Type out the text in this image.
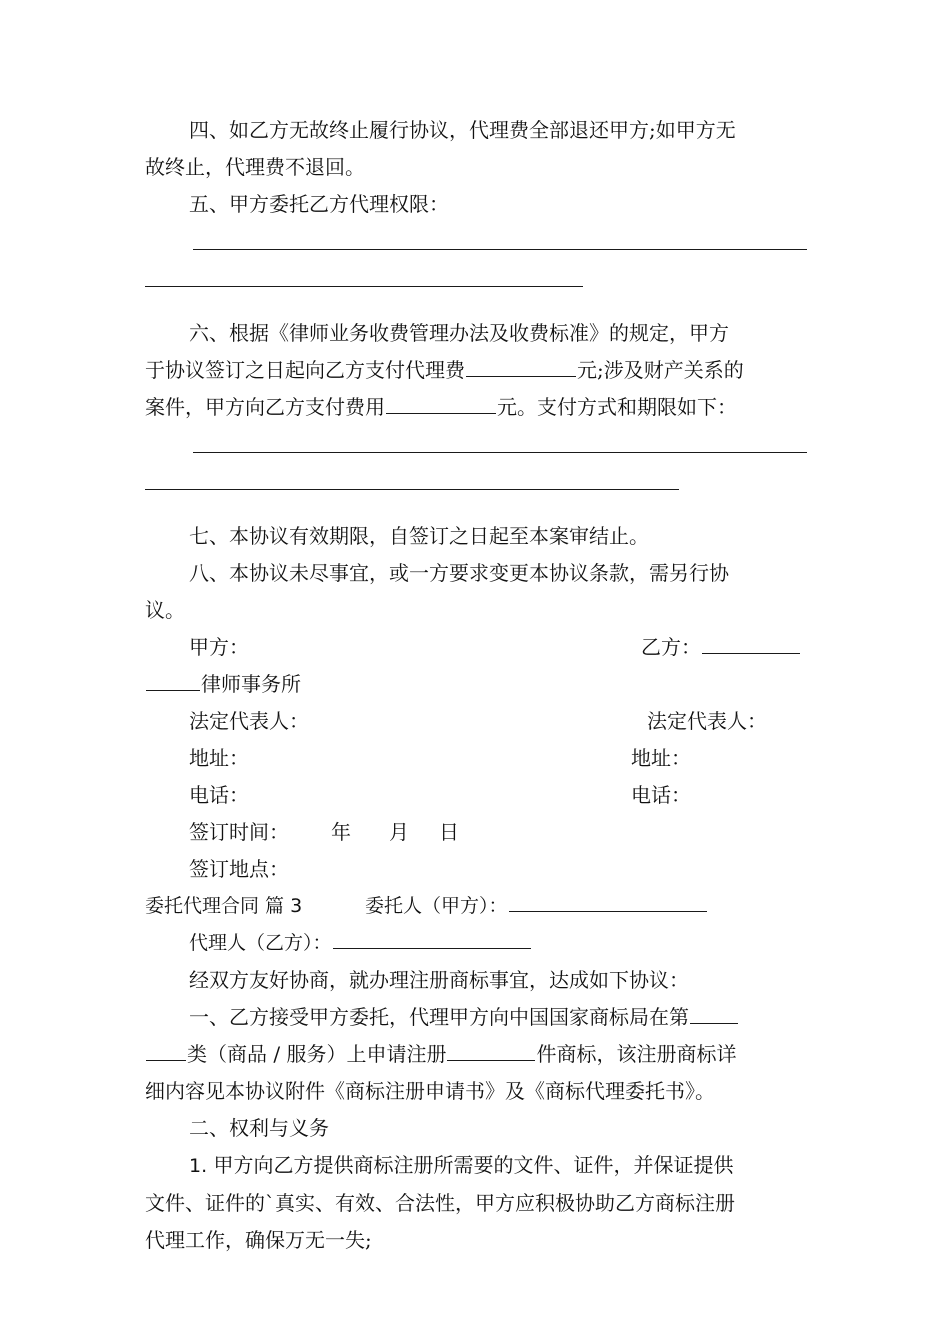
四、如乙方无故终止履行协议，代理费全部退还甲方;如甲方无

故终止，代理费不退回。

五、甲方委托乙方代理权限：

六、根据《律师业务收费管理办法及收费标准》的规定，甲方

于协议签订之日起向乙方支付代理费	元;涉及财产关系的

案件，甲方向乙方支付费用	元。支付方式和期限如下：

七、本协议有效期限，自签订之日起至本案审结止。

八、本协议未尽事宜，或一方要求变更本协议条款，需另行协

议。

甲方：	乙方：
律师事务所
法定代表人：	法定代表人：
地址：	地址：
电话：	电话：
签订时间： 年 月 日
签订地点：
委托代理合同 篇 3	委托人（甲方）：
代理人（乙方）：

经双方友好协商，就办理注册商标事宜，达成如下协议：

一、乙方接受甲方委托，代理甲方向中国国家商标局在第

类（商品 / 服务）上申请注册	件商标，该注册商标详

细内容见本协议附件《商标注册申请书》及《商标代理委托书》。

二、权利与义务

1. 甲方向乙方提供商标注册所需要的文件、证件，并保证提供

文件、证件的`真实、有效、合法性，甲方应积极协助乙方商标注册

代理工作，确保万无一失;
